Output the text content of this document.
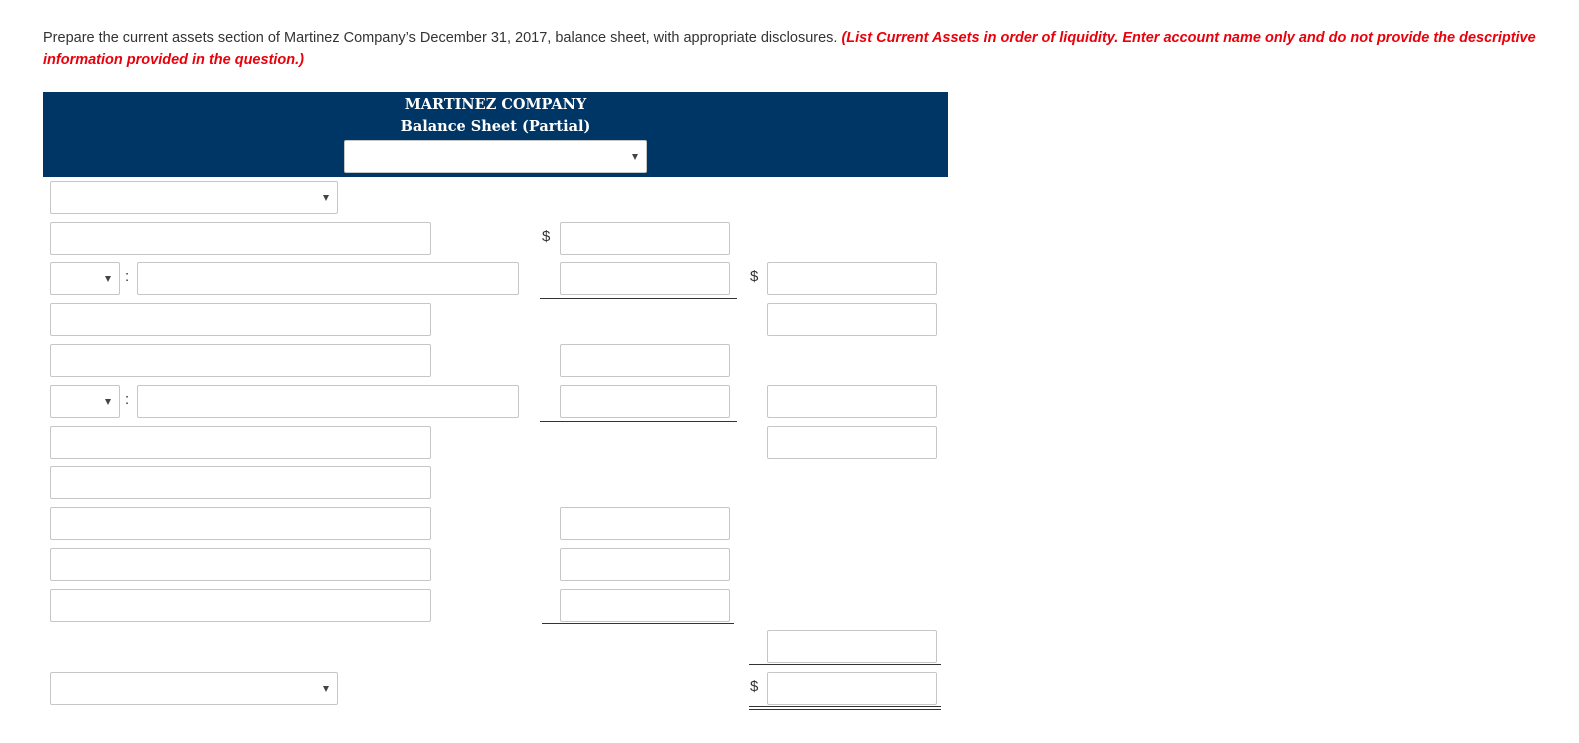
Prepare the current assets section of Martinez Company’s December 31, 2017, balance sheet, with appropriate disclosures. (List Current Assets in order of liquidity. Enter account name only and do not provide the descriptive information provided in the question.)
MARTINEZ COMPANY
Balance Sheet (Partial)
$
:	$
:
$
